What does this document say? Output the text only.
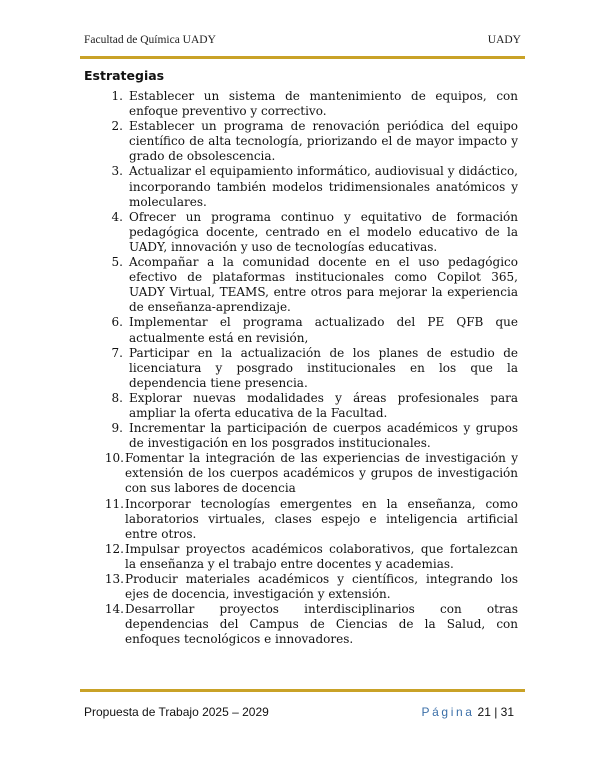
Facultad de Química UADY	UADY
Estrategias
1. Establecer un sistema de mantenimiento de equipos, con enfoque preventivo y correctivo.
2. Establecer un programa de renovación periódica del equipo científico de alta tecnología, priorizando el de mayor impacto y grado de obsolescencia.
3. Actualizar el equipamiento informático, audiovisual y didáctico, incorporando también modelos tridimensionales anatómicos y moleculares.
4. Ofrecer un programa continuo y equitativo de formación pedagógica docente, centrado en el modelo educativo de la UADY, innovación y uso de tecnologías educativas.
5. Acompañar a la comunidad docente en el uso pedagógico efectivo de plataformas institucionales como Copilot 365, UADY Virtual, TEAMS, entre otros para mejorar la experiencia de enseñanza-aprendizaje.
6. Implementar el programa actualizado del PE QFB que actualmente está en revisión,
7. Participar en la actualización de los planes de estudio de licenciatura y posgrado institucionales en los que la dependencia tiene presencia.
8. Explorar nuevas modalidades y áreas profesionales para ampliar la oferta educativa de la Facultad.
9. Incrementar la participación de cuerpos académicos y grupos de investigación en los posgrados institucionales.
10. Fomentar la integración de las experiencias de investigación y extensión de los cuerpos académicos y grupos de investigación con sus labores de docencia
11. Incorporar tecnologías emergentes en la enseñanza, como laboratorios virtuales, clases espejo e inteligencia artificial entre otros.
12. Impulsar proyectos académicos colaborativos, que fortalezcan la enseñanza y el trabajo entre docentes y academias.
13. Producir materiales académicos y científicos, integrando los ejes de docencia, investigación y extensión.
14. Desarrollar proyectos interdisciplinarios con otras dependencias del Campus de Ciencias de la Salud, con enfoques tecnológicos e innovadores.
Propuesta de Trabajo 2025 – 2029	Página 21 | 31
